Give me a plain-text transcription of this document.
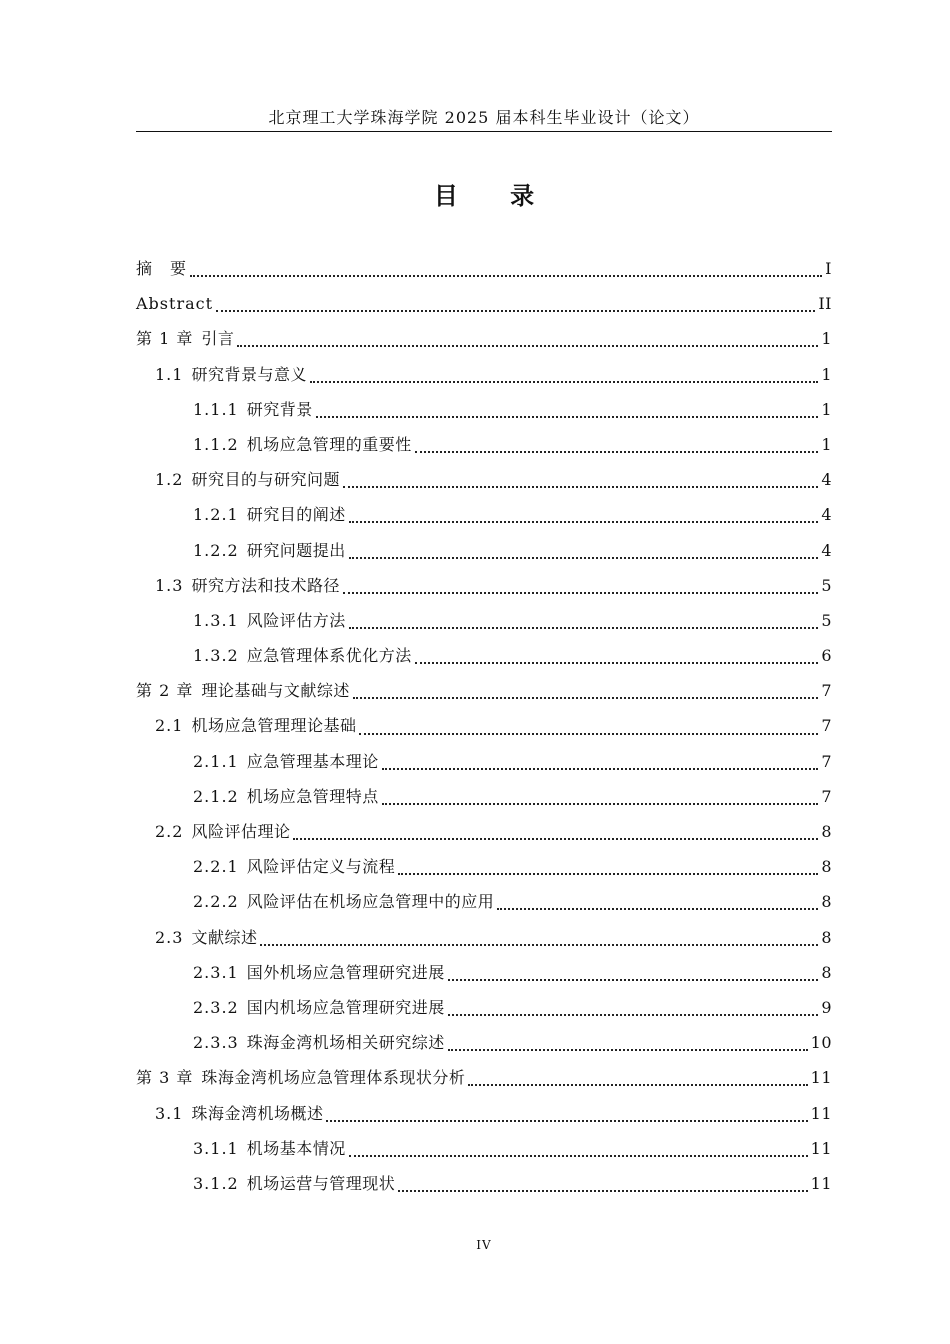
北京理工大学珠海学院 2025 届本科生毕业设计（论文）
目 录
摘　要	I
Abstract	II
第 1 章 引言	1
1.1 研究背景与意义	1
1.1.1 研究背景	1
1.1.2 机场应急管理的重要性	1
1.2 研究目的与研究问题	4
1.2.1 研究目的阐述	4
1.2.2 研究问题提出	4
1.3 研究方法和技术路径	5
1.3.1 风险评估方法	5
1.3.2 应急管理体系优化方法	6
第 2 章 理论基础与文献综述	7
2.1 机场应急管理理论基础	7
2.1.1 应急管理基本理论	7
2.1.2 机场应急管理特点	7
2.2 风险评估理论	8
2.2.1 风险评估定义与流程	8
2.2.2 风险评估在机场应急管理中的应用	8
2.3 文献综述	8
2.3.1 国外机场应急管理研究进展	8
2.3.2 国内机场应急管理研究进展	9
2.3.3 珠海金湾机场相关研究综述	10
第 3 章 珠海金湾机场应急管理体系现状分析	11
3.1 珠海金湾机场概述	11
3.1.1 机场基本情况	11
3.1.2 机场运营与管理现状	11
IV
